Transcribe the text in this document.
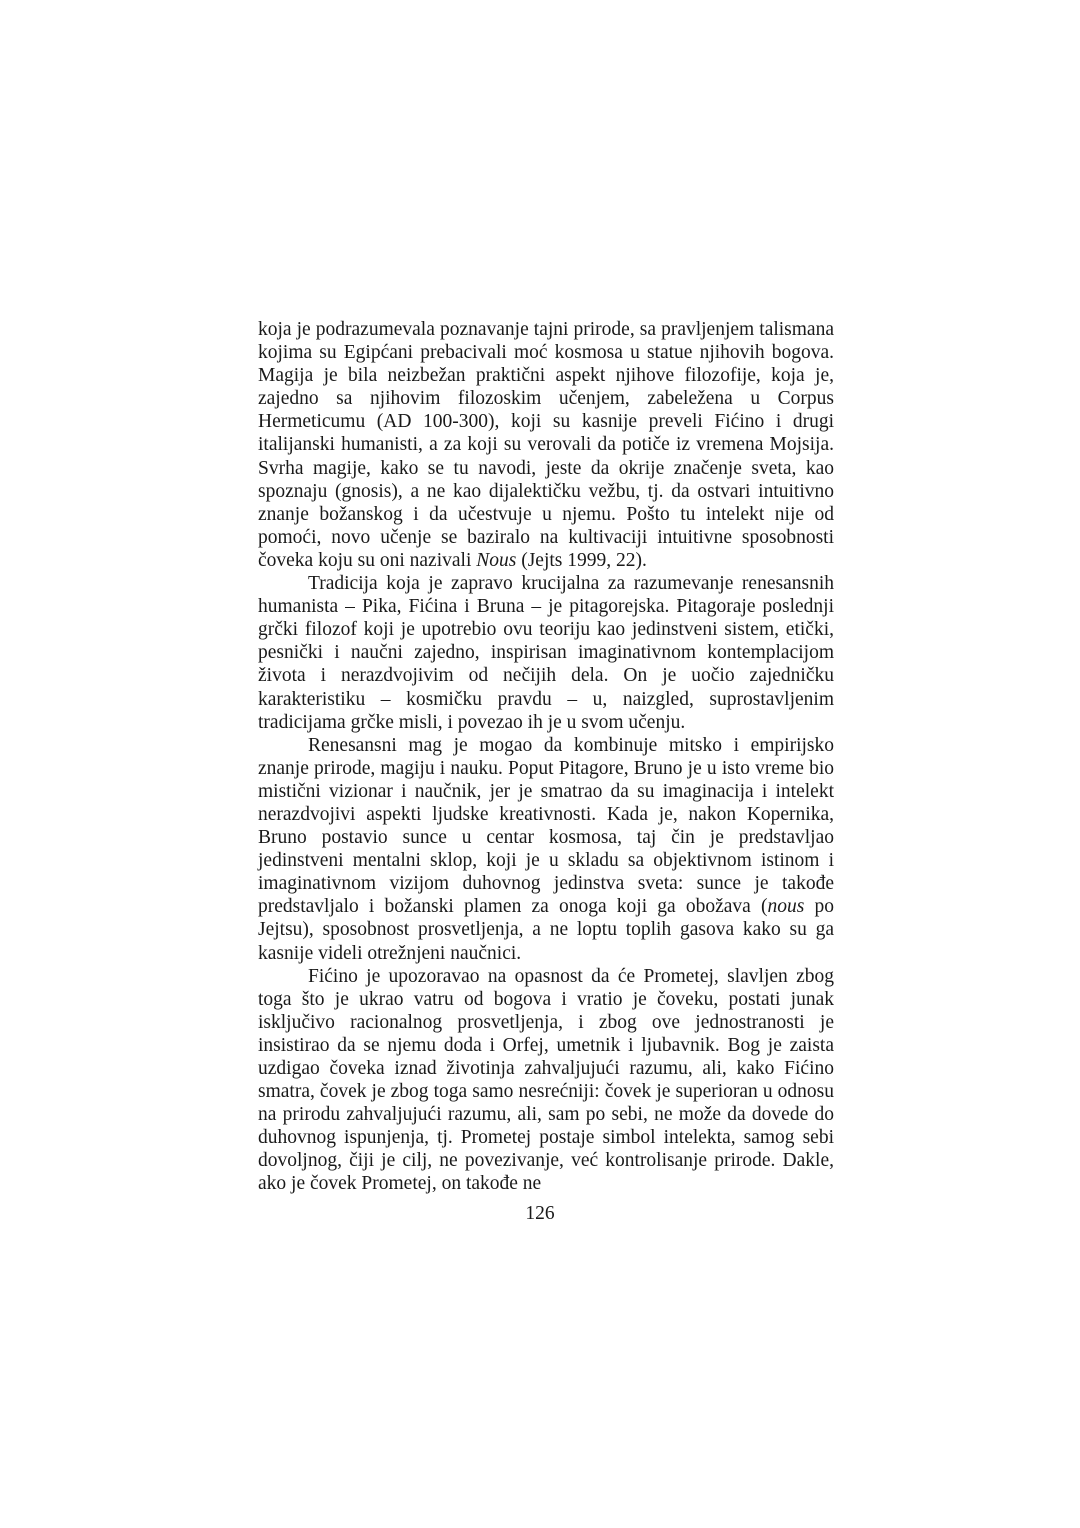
koja je podrazumevala poznavanje tajni prirode, sa pravljenjem talismana kojima su Egipćani prebacivali moć kosmosa u statue njihovih bogova. Magija je bila neizbežan praktični aspekt njihove filozofije, koja je, zajedno sa njihovim filozoskim učenjem, zabeležena u Corpus Hermeticumu (AD 100-300), koji su kasnije preveli Fićino i drugi italijanski humanisti, a za koji su verovali da potiče iz vremena Mojsija. Svrha magije, kako se tu navodi, jeste da okrije značenje sveta, kao spoznaju (gnosis), a ne kao dijalektičku vežbu, tj. da ostvari intuitivno znanje božanskog i da učestvuje u njemu. Pošto tu intelekt nije od pomoći, novo učenje se baziralo na kultivaciji intuitivne sposobnosti čoveka koju su oni nazivali Nous (Jejts 1999, 22).

Tradicija koja je zapravo krucijalna za razumevanje renesansnih humanista – Pika, Fićina i Bruna – je pitagorejska. Pitagoraje poslednji grčki filozof koji je upotrebio ovu teoriju kao jedinstveni sistem, etički, pesnički i naučni zajedno, inspirisan imaginativnom kontemplacijom života i nerazdvojivim od nečijih dela. On je uočio zajedničku karakteristiku – kosmičku pravdu – u, naizgled, suprostavljenim tradicijama grčke misli, i povezao ih je u svom učenju.

Renesansni mag je mogao da kombinuje mitsko i empirijsko znanje prirode, magiju i nauku. Poput Pitagore, Bruno je u isto vreme bio mistični vizionar i naučnik, jer je smatrao da su imaginacija i intelekt nerazdvojivi aspekti ljudske kreativnosti. Kada je, nakon Kopernika, Bruno postavio sunce u centar kosmosa, taj čin je predstavljao jedinstveni mentalni sklop, koji je u skladu sa objektivnom istinom i imaginativnom vizijom duhovnog jedinstva sveta: sunce je takođe predstavljalo i božanski plamen za onoga koji ga obožava (nous po Jejtsu), sposobnost prosvetljenja, a ne loptu toplih gasova kako su ga kasnije videli otrežnjeni naučnici.

Fićino je upozoravao na opasnost da će Prometej, slavljen zbog toga što je ukrao vatru od bogova i vratio je čoveku, postati junak isključivo racionalnog prosvetljenja, i zbog ove jednostranosti je insistirao da se njemu doda i Orfej, umetnik i ljubavnik. Bog je zaista uzdigao čoveka iznad životinja zahvaljujući razumu, ali, kako Fićino smatra, čovek je zbog toga samo nesrećniji: čovek je superioran u odnosu na prirodu zahvaljujući razumu, ali, sam po sebi, ne može da dovede do duhovnog ispunjenja, tj. Prometej postaje simbol intelekta, samog sebi dovoljnog, čiji je cilj, ne povezivanje, već kontrolisanje prirode. Dakle, ako je čovek Prometej, on takođe ne

126
